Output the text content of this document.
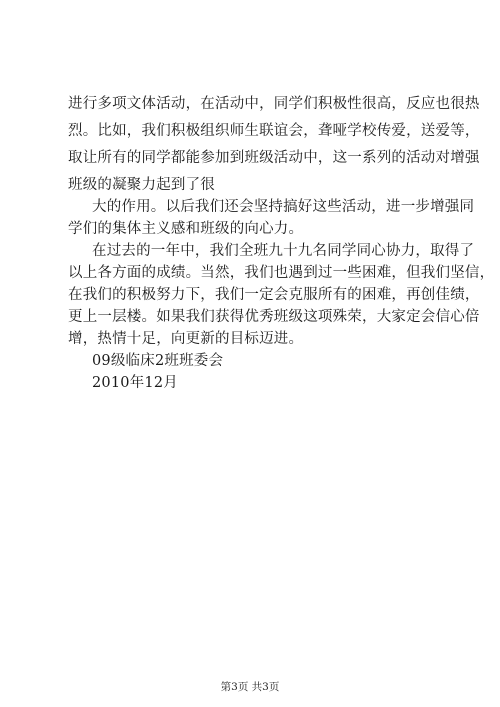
进行多项文体活动，在活动中，同学们积极性很高，反应也很热
烈。比如，我们积极组织师生联谊会，聋哑学校传爱，送爱等，
取让所有的同学都能参加到班级活动中，这一系列的活动对增强
班级的凝聚力起到了很
大的作用。以后我们还会坚持搞好这些活动，进一步增强同
学们的集体主义感和班级的向心力。
在过去的一年中，我们全班九十九名同学同心协力，取得了
以上各方面的成绩。当然，我们也遇到过一些困难，但我们坚信，
在我们的积极努力下，我们一定会克服所有的困难，再创佳绩，
更上一层楼。如果我们获得优秀班级这项殊荣，大家定会信心倍
增，热情十足，向更新的目标迈进。
09级临床2班班委会
2010年12月
第3页 共3页
